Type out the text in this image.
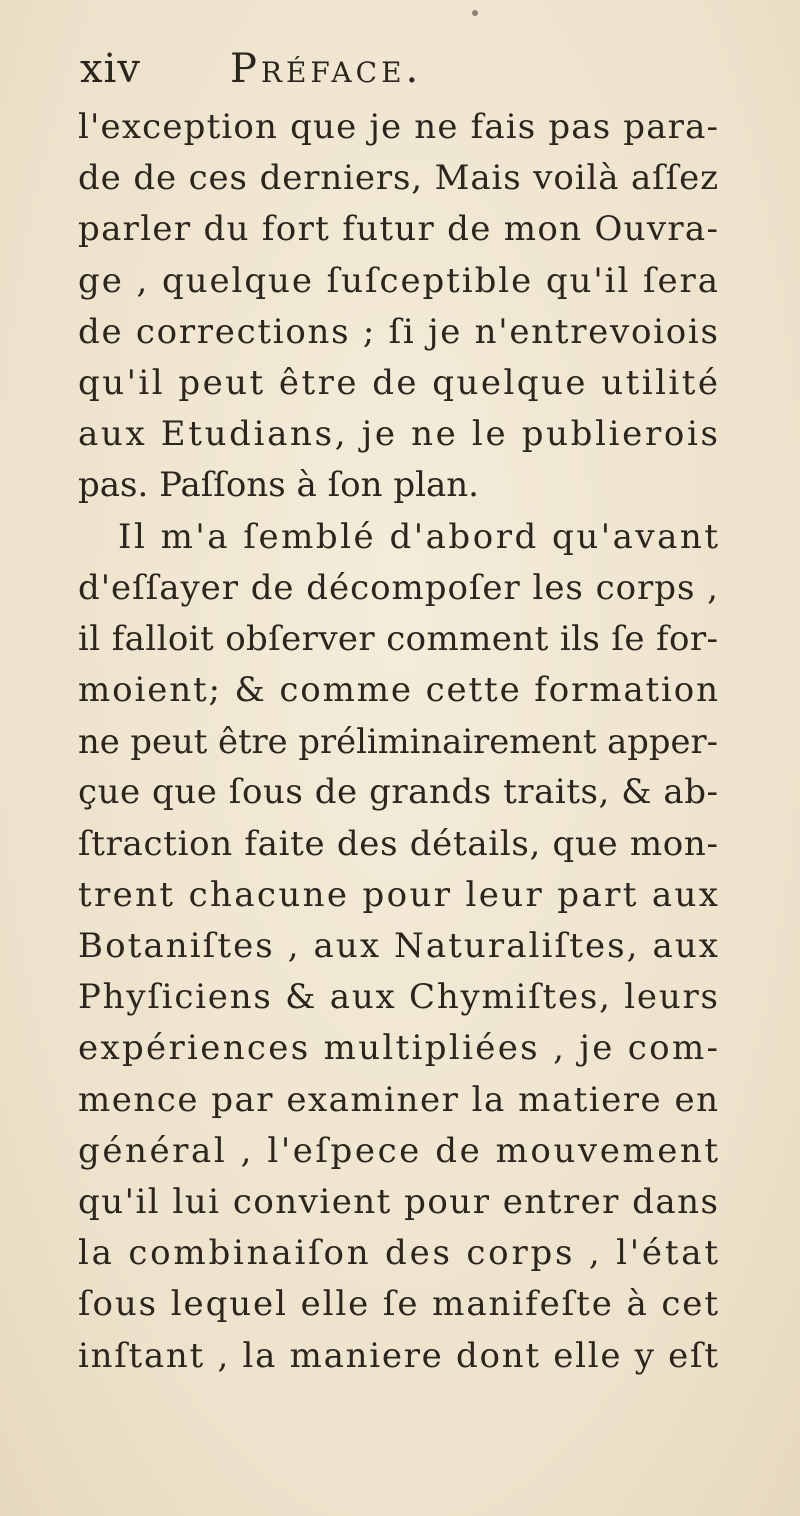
xiv Préface.
l'exception que je ne fais pas para-
de de ces derniers, Mais voilà aſſez
parler du fort futur de mon Ouvra-
ge , quelque ſuſceptible qu'il ſera
de corrections ; ſi je n'entrevoiois
qu'il peut être de quelque utilité
aux Etudians, je ne le publierois
pas. Paſſons à ſon plan.
Il m'a ſemblé d'abord qu'avant
d'eſſayer de décompoſer les corps ,
il falloit obſerver comment ils ſe for-
moient; & comme cette formation
ne peut être préliminairement apper-
çue que ſous de grands traits, & ab-
ſtraction faite des détails, que mon-
trent chacune pour leur part aux
Botaniſtes , aux Naturaliſtes, aux
Phyſiciens & aux Chymiſtes, leurs
expériences multipliées , je com-
mence par examiner la matiere en
général , l'eſpece de mouvement
qu'il lui convient pour entrer dans
la combinaiſon des corps , l'état
ſous lequel elle ſe manifeſte à cet
inſtant , la maniere dont elle y eſt
